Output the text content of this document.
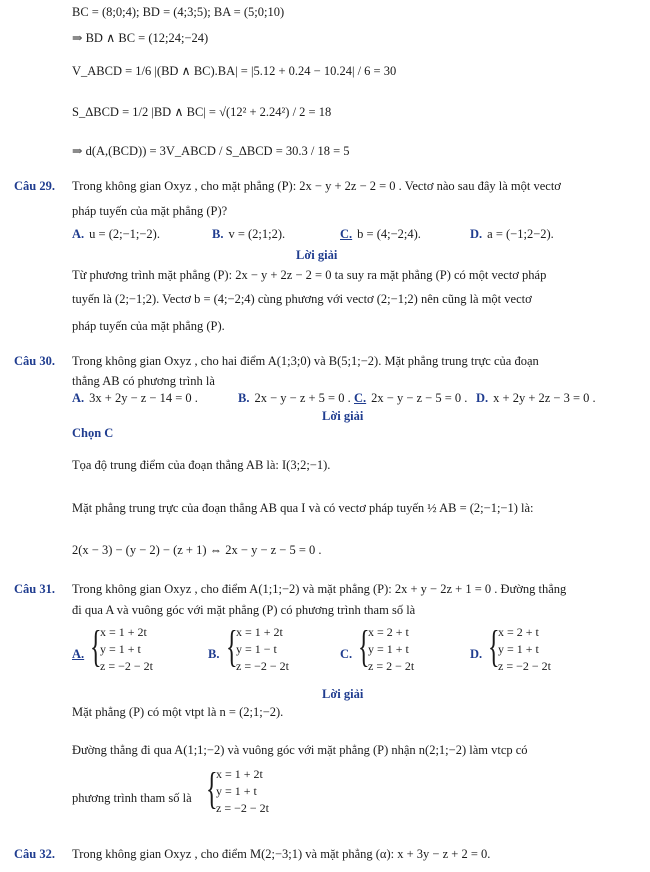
BC = (8;0;4); BD = (4;3;5); BA = (5;0;10)
⇒ BD ∧ BC = (12;24;−24)
V_ABCD = 1/6 |(BD ∧ BC).BA| = |5.12 + 0.24 − 10.24| / 6 = 30
S_ΔBCD = 1/2 |BD ∧ BC| = √(12² + 2.24²) / 2 = 18
⇒ d(A,(BCD)) = 3V_ABCD / S_ΔBCD = 30.3 / 18 = 5
Câu 29. Trong không gian Oxyz , cho mặt phẳng (P): 2x − y + 2z − 2 = 0 . Vectơ nào sau đây là một vectơ
pháp tuyến của mặt phẳng (P)?
A. u = (2;−1;−2).	B. v = (2;1;2).	C. b = (4;−2;4).	D. a = (−1;2−2).
Lời giải
Từ phương trình mặt phẳng (P): 2x − y + 2z − 2 = 0 ta suy ra mặt phẳng (P) có một vectơ pháp
tuyến là (2;−1;2). Vectơ b = (4;−2;4) cùng phương với vectơ (2;−1;2) nên cũng là một vectơ
pháp tuyến của mặt phẳng (P).
Câu 30. Trong không gian Oxyz , cho hai điểm A(1;3;0) và B(5;1;−2). Mặt phẳng trung trực của đoạn
thẳng AB có phương trình là
A. 3x + 2y − z − 14 = 0 .	B. 2x − y − z + 5 = 0 . C. 2x − y − z − 5 = 0 . D. x + 2y + 2z − 3 = 0 .
Lời giải
Chọn C
Tọa độ trung điểm của đoạn thẳng AB là: I(3;2;−1).
Mặt phẳng trung trực của đoạn thẳng AB qua I và có vectơ pháp tuyến ½ AB = (2;−1;−1) là:
2(x − 3) − (y − 2) − (z + 1) ⇔ 2x − y − z − 5 = 0 .
Câu 31. Trong không gian Oxyz , cho điểm A(1;1;−2) và mặt phẳng (P): 2x + y − 2z + 1 = 0 . Đường thẳng
đi qua A và vuông góc với mặt phẳng (P) có phương trình tham số là
A. {
x = 1 + 2t
y = 1 + t
z = −2 − 2t
B. {
x = 1 + 2t
y = 1 − t
z = −2 − 2t
C. {
x = 2 + t
y = 1 + t
z = 2 − 2t
D. {
x = 2 + t
y = 1 + t
z = −2 − 2t
Lời giải
Mặt phẳng (P) có một vtpt là n = (2;1;−2).
Đường thẳng đi qua A(1;1;−2) và vuông góc với mặt phẳng (P) nhận n(2;1;−2) làm vtcp có
phương trình tham số là {
x = 1 + 2t
y = 1 + t
z = −2 − 2t
Câu 32. Trong không gian Oxyz , cho điểm M(2;−3;1) và mặt phẳng (α): x + 3y − z + 2 = 0.
